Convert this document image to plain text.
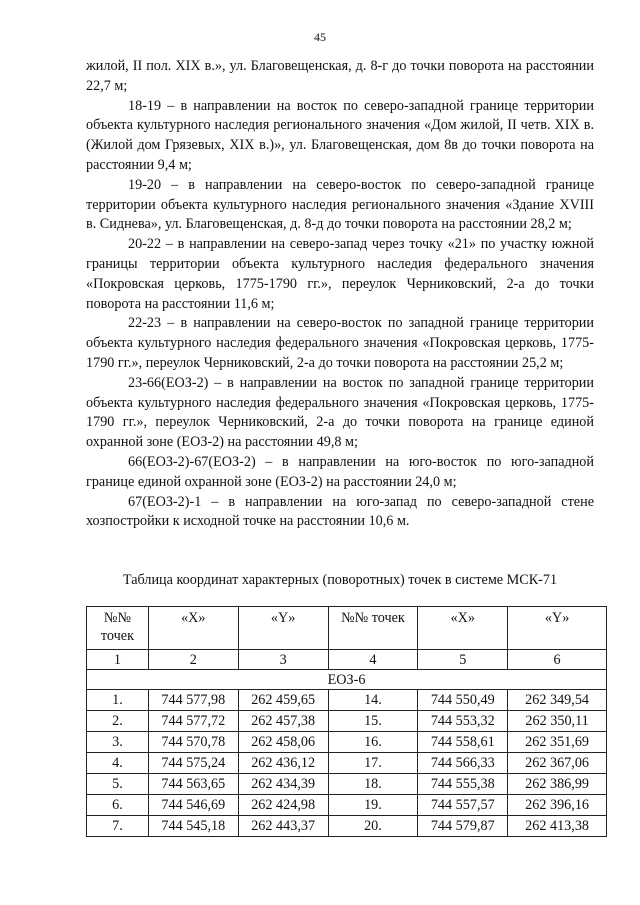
45

жилой, II пол. XIX в.», ул. Благовещенская, д. 8-г до точки поворота на расстоянии 22,7 м;

18-19 – в направлении на восток по северо-западной границе территории объекта культурного наследия регионального значения «Дом жилой, II четв. XIX в. (Жилой дом Грязевых, XIX в.)», ул. Благовещенская, дом 8в до точки поворота на расстоянии 9,4 м;

19-20 – в направлении на северо-восток по северо-западной границе территории объекта культурного наследия регионального значения «Здание XVIII в. Сиднева», ул. Благовещенская, д. 8-д до точки поворота на расстоянии 28,2 м;

20-22 – в направлении на северо-запад через точку «21» по участку южной границы территории объекта культурного наследия федерального значения «Покровская церковь, 1775-1790 гг.», переулок Черниковский, 2-а до точки поворота на расстоянии 11,6 м;

22-23 – в направлении на северо-восток по западной границе территории объекта культурного наследия федерального значения «Покровская церковь, 1775-1790 гг.», переулок Черниковский, 2-а до точки поворота на расстоянии 25,2 м;

23-66(ЕОЗ-2) – в направлении на восток по западной границе территории объекта культурного наследия федерального значения «Покровская церковь, 1775-1790 гг.», переулок Черниковский, 2-а до точки поворота на границе единой охранной зоне (ЕОЗ-2) на расстоянии 49,8 м;

66(ЕОЗ-2)-67(ЕОЗ-2) – в направлении на юго-восток по юго-западной границе единой охранной зоне (ЕОЗ-2) на расстоянии 24,0 м;

67(ЕОЗ-2)-1 – в направлении на юго-запад по северо-западной стене хозпостройки к исходной точке на расстоянии 10,6 м.

Таблица координат характерных (поворотных) точек в системе МСК-71
№№ точек	«X»	«Y»	№№ точек	«X»	«Y»
1	2	3	4	5	6
ЕОЗ-6					
1.	744 577,98	262 459,65	14.	744 550,49	262 349,54
2.	744 577,72	262 457,38	15.	744 553,32	262 350,11
3.	744 570,78	262 458,06	16.	744 558,61	262 351,69
4.	744 575,24	262 436,12	17.	744 566,33	262 367,06
5.	744 563,65	262 434,39	18.	744 555,38	262 386,99
6.	744 546,69	262 424,98	19.	744 557,57	262 396,16
7.	744 545,18	262 443,37	20.	744 579,87	262 413,38
